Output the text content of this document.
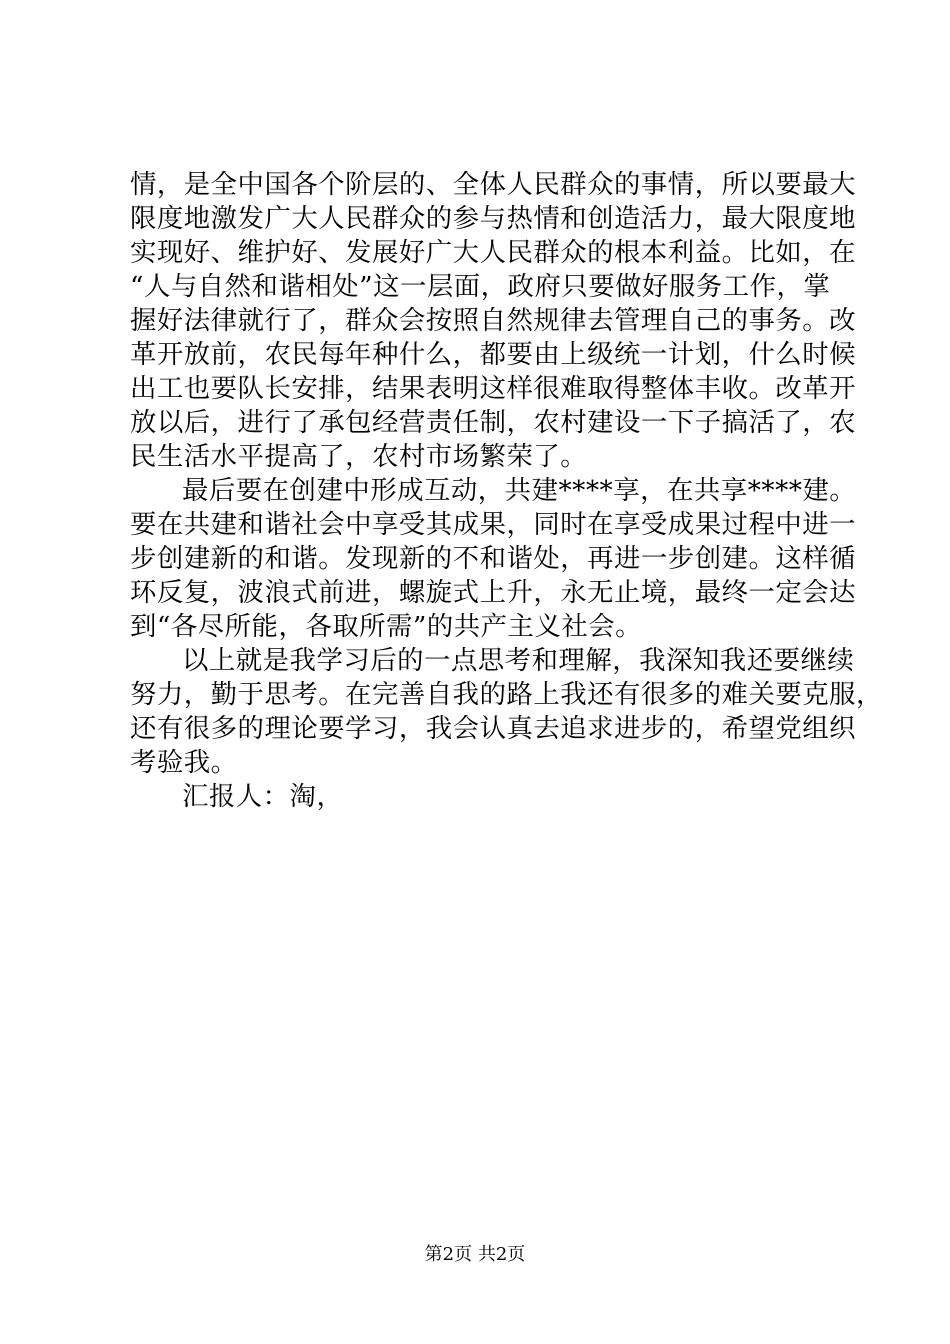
情，是全中国各个阶层的、全体人民群众的事情，所以要最大
限度地激发广大人民群众的参与热情和创造活力，最大限度地
实现好、维护好、发展好广大人民群众的根本利益。比如，在
“人与自然和谐相处”这一层面，政府只要做好服务工作，掌
握好法律就行了，群众会按照自然规律去管理自己的事务。改
革开放前，农民每年种什么，都要由上级统一计划，什么时候
出工也要队长安排，结果表明这样很难取得整体丰收。改革开
放以后，进行了承包经营责任制，农村建设一下子搞活了，农
民生活水平提高了，农村市场繁荣了。
最后要在创建中形成互动，共建****享，在共享****建。
要在共建和谐社会中享受其成果，同时在享受成果过程中进一
步创建新的和谐。发现新的不和谐处，再进一步创建。这样循
环反复，波浪式前进，螺旋式上升，永无止境，最终一定会达
到“各尽所能，各取所需”的共产主义社会。
以上就是我学习后的一点思考和理解，我深知我还要继续
努力，勤于思考。在完善自我的路上我还有很多的难关要克服，
还有很多的理论要学习，我会认真去追求进步的，希望党组织
考验我。
汇报人：淘，
第2页 共2页
